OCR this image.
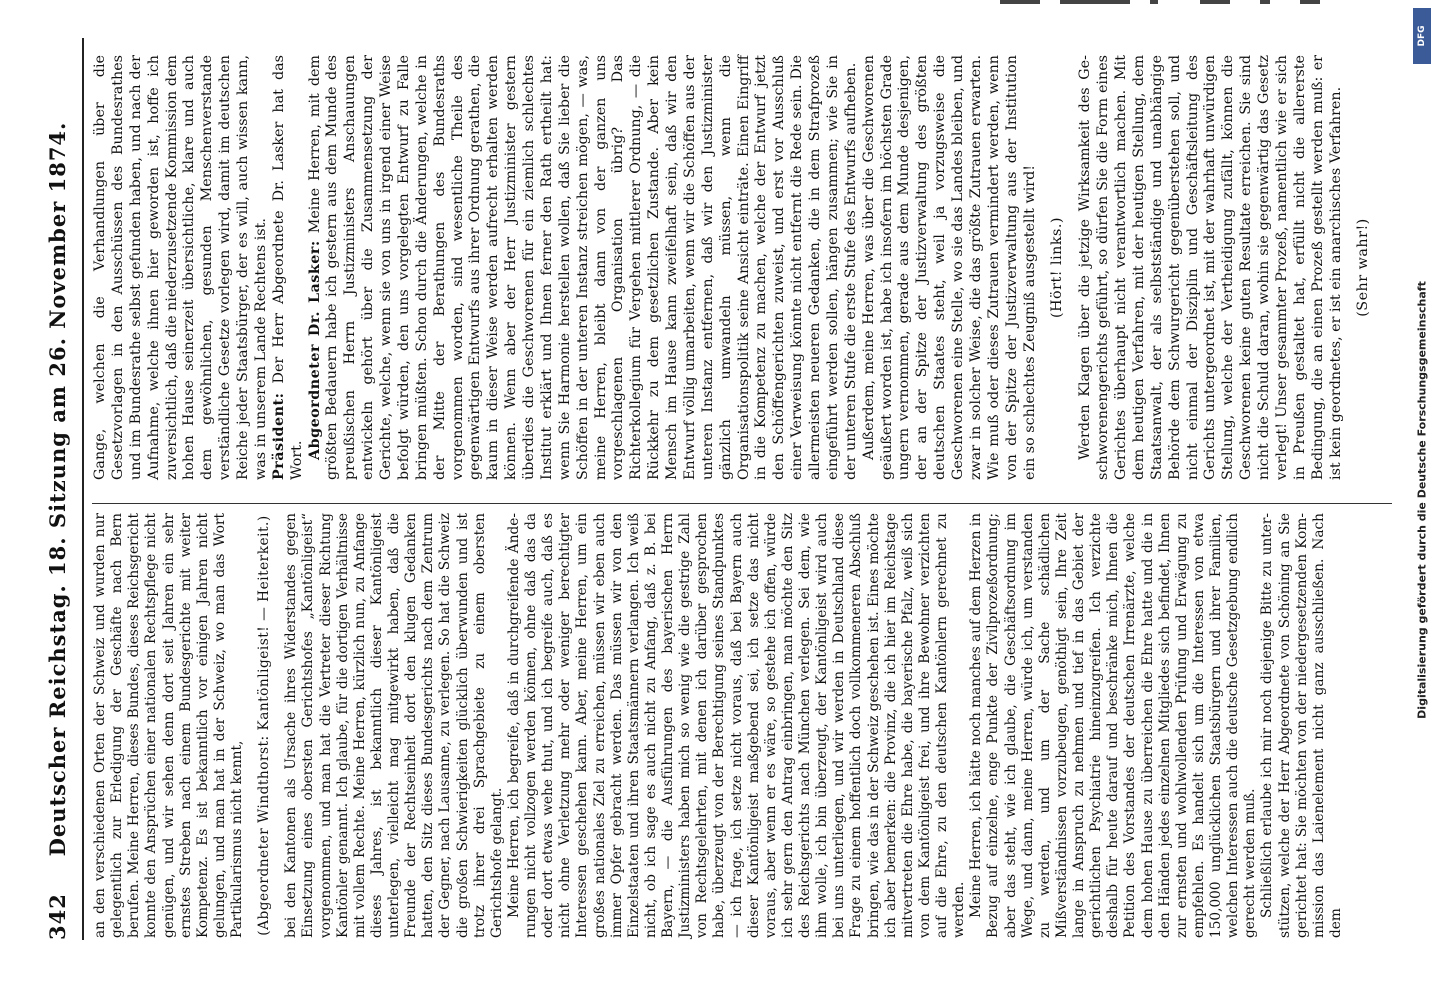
342
Deutscher Reichstag. 18. Sitzung am 26. November 1874. an den verschiedenen Orten der Schweiz und wurden nur gelegentlich zur Erledigung der Geschäfte nach Bern berufen. Meine Herren, dieses Bundes, dieses Reichsgericht konnte den Ansprüchen einer nationalen Rechtspflege nicht genügen, und wir sehen denn dort seit Jahren ein sehr ernstes Streben nach einem Bundesgerichte mit weiter Kompetenz. Es ist bekanntlich vor einigen Jahren nicht gelungen, und man hat in der Schweiz, wo man das Wort Partikularismus nicht kennt, (Abgeordneter Windthorst: Kantönligeist! — Heiterkeit.) bei den Kantonen als Ursache ihres Widerstandes gegen Einsetzung eines obersten Gerichtshofes „Kantönligeist“ vorgenommen, und man hat die Vertreter dieser Richtung Kantönler genannt. Ich glaube, für die dortigen Verhältnisse mit vollem Rechte. Meine Herren, kürzlich nun, zu Anfange dieses Jahres, ist bekanntlich dieser Kantönligeist unterlegen, vielleicht mag mitgewirkt haben, daß die Freunde der Rechtseinheit dort den klugen Gedanken hatten, den Sitz dieses Bundesgerichts nach dem Zentrum der Gegner, nach Lausanne, zu verlegen. So hat die Schweiz die großen Schwierigkeiten glücklich überwunden und ist trotz ihrer drei Sprachgebiete zu einem obersten Gerichtshofe gelangt. Meine Herren, ich begreife, daß in durchgreifende Änderungen nicht vollzogen werden können, ohne daß das da oder dort etwas wehe thut, und ich begreife auch, daß es nicht ohne Verletzung mehr oder weniger berechtigter Interessen geschehen kann. Aber, meine Herren, um ein großes nationales Ziel zu erreichen, müssen wir eben auch immer Opfer gebracht werden. Das müssen wir von den Einzelstaaten und ihren Staatsmännern verlangen. Ich weiß nicht, ob ich sage es auch nicht zu Anfang, daß z. B. bei Bayern, — die Ausführungen des bayerischen Herrn Justizministers haben mich so wenig wie die gestrige Zahl von Rechtsgelehrten, mit denen ich darüber gesprochen habe, überzeugt von der Berechtigung seines Standpunktes — ich frage, ich setze nicht voraus, daß bei Bayern auch dieser Kantönligeist maßgebend sei, ich setze das nicht voraus, aber wenn er es wäre, so gestehe ich offen, würde ich sehr gern den Antrag einbringen, man möchte den Sitz des Reichsgerichts nach München verlegen. Sei dem, wie ihm wolle, ich bin überzeugt, der Kantönligeist wird auch bei uns unterliegen, und wir werden in Deutschland diese Frage zu einem hoffentlich doch vollkommeneren Abschluß bringen, wie das in der Schweiz geschehen ist. Eines möchte ich aber bemerken: die Provinz, die ich hier im Reichstage mitvertreten die Ehre habe, die bayerische Pfalz, weiß sich von dem Kantönligeist frei, und ihre Bewohner verzichten auf die Ehre, zu den deutschen Kantönlern gerechnet zu werden. Meine Herren, ich hätte noch manches auf dem Herzen in Bezug auf einzelne, enge Punkte der Zivilprozeßordnung; aber das steht, wie ich glaube, die Geschäftsordnung im Wege, und dann, meine Herren, würde ich, um verstanden zu werden, und um der Sache schädlichen Mißverständnissen vorzubeugen, genöthigt sein, Ihre Zeit lange in Anspruch zu nehmen und tief in das Gebiet der gerichtlichen Psychiatrie hineinzugreifen. Ich verzichte deshalb für heute darauf und beschränke mich, Ihnen die Petition des Vorstandes der deutschen Irrenärzte, welche dem hohen Hause zu überreichen die Ehre hatte und die in den Händen jedes einzelnen Mitgliedes sich befindet, Ihnen zur ernsten und wohlwollenden Prüfung und Erwägung zu empfehlen. Es handelt sich um die Interessen von etwa 150,000 unglücklichen Staatsbürgern und ihrer Familien, welchen Interessen auch die deutsche Gesetzgebung endlich gerecht werden muß. Schließlich erlaube ich mir noch diejenige Bitte zu unterstützen, welche der Herr Abgeordnete von Schöning an Sie gerichtet hat: Sie möchten von der niedergesetzenden Kommission das Laienelement nicht ganz ausschließen. Nach dem

Gange, welchen die Verhandlungen über die Gesetzvorlagen in den Ausschüssen des Bundesrathes und im Bundesrathe selbst gefunden haben, und nach der Aufnahme, welche ihnen hier geworden ist, hoffe ich zuversichtlich, daß die niederzusetzende Kommission dem hohen Hause seinerzeit übersichtliche, klare und auch dem gewöhnlichen, gesunden Menschenverstande verständliche Gesetze vorlegen wird, damit im deutschen Reiche jeder Staatsbürger, der es will, auch wissen kann, was in unserem Lande Rechtens ist. Präsident: Der Herr Abgeordnete Dr. Lasker hat das Wort.

Abgeordneter Dr. Lasker: Meine Herren, mit dem größten Bedauern habe ich gestern aus dem Munde des preußischen Herrn Justizministers Anschauungen entwickeln gehört über die Zusammensetzung der Gerichte, welche, wenn sie von uns in irgend einer Weise befolgt würden, den uns vorgelegten Entwurf zu Falle bringen müßten. Schon durch die Änderungen, welche in der Mitte der Berathungen des Bundesraths vorgenommen worden, sind wesentliche Theile des gegenwärtigen Entwurfs aus ihrer Ordnung gerathen, die kaum in dieser Weise werden aufrecht erhalten werden können. Wenn aber der Herr Justizminister gestern überdies die Geschworenen für ein ziemlich schlechtes Institut erklärt und Ihnen ferner den Rath ertheilt hat: wenn Sie Harmonie herstellen wollen, daß Sie lieber die Schöffen in der unteren Instanz streichen mögen, — was, meine Herren, bleibt dann von der ganzen uns vorgeschlagenen Organisation übrig? Das Richterkollegium für Vergehen mittlerer Ordnung, — die Rückkehr zu dem gesetzlichen Zustande. Aber kein Mensch im Hause kann zweifelhaft sein, daß wir den Entwurf völlig umarbeiten, wenn wir die Schöffen aus der unteren Instanz entfernen, daß wir den Justizminister gänzlich umwandeln müssen, wenn die Organisationspolitik seine Ansicht einträte. Einen Eingriff in die Kompetenz zu machen, welche der Entwurf jetzt den Schöffengerichten zuweist, und erst vor Ausschluß einer Verweisung könnte nicht entfernt die Rede sein. Die allermeisten neueren Gedanken, die in dem Strafprozeß eingeführt werden sollen, hängen zusammen; wie Sie in der unteren Stufe die erste Stufe des Entwurfs aufheben. Außerdem, meine Herren, was über die Geschworenen geäußert worden ist, habe ich insofern im höchsten Grade ungern vernommen, gerade aus dem Munde desjenigen, der an der Spitze der Justizverwaltung des größten deutschen Staates steht, weil ja vorzugsweise die Geschworenen eine Stelle, wo sie das Landes bleiben, und zwar in solcher Weise, die das größte Zutrauen erwarten. Wie muß oder dieses Zutrauen vermindert werden, wenn von der Spitze der Justizverwaltung aus der Institution ein so schlechtes Zeugniß ausgestellt wird! (Hört! links.) Werden Klagen über die jetzige Wirksamkeit des Geschworenengerichts geführt, so dürfen Sie die Form eines Gerichtes überhaupt nicht verantwortlich machen. Mit dem heutigen Verfahren, mit der heutigen Stellung, dem Staatsanwalt, der als selbstständige und unabhängige Behörde dem Schwurgericht gegenüberstehen soll, und nicht einmal der Disziplin und Geschäftsleitung des Gerichts untergeordnet ist, mit der wahrhaft unwürdigen Stellung, welche der Vertheidigung zufällt, können die Geschworenen keine guten Resultate erreichen. Sie sind nicht die Schuld daran, wohin sie gegenwärtig das Gesetz verlegt! Unser gesammter Prozeß, namentlich wie er sich in Preußen gestaltet hat, erfüllt nicht die allererste Bedingung, die an einen Prozeß gestellt werden muß: er ist kein geordnetes, er ist ein anarchisches Verfahren. (Sehr wahr!)

Digitalisierung gefördert durch die Deutsche Forschungsgemeinschaft
DFG
